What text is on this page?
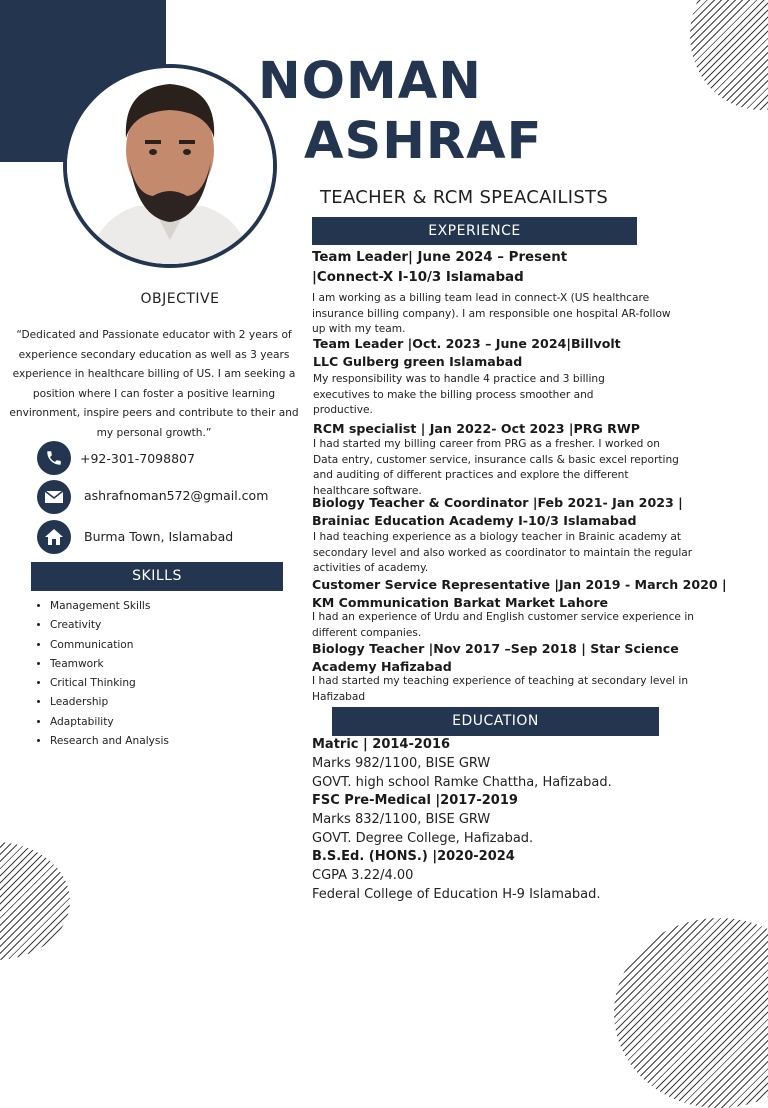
NOMAN
ASHRAF
TEACHER & RCM SPEACAILISTS
OBJECTIVE
“Dedicated and Passionate educator with 2 years of experience secondary education as well as 3 years experience in healthcare billing of US. I am seeking a position where I can foster a positive learning environment, inspire peers and contribute to their and my personal growth.”
+92-301-7098807
ashrafnoman572@gmail.com
Burma Town, Islamabad
SKILLS
• Management Skills
• Creativity
• Communication
• Teamwork
• Critical Thinking
• Leadership
• Adaptability
• Research and Analysis
EXPERIENCE
Team Leader| June 2024 – Present |Connect-X I-10/3 Islamabad
I am working as a billing team lead in connect-X (US healthcare insurance billing company). I am responsible one hospital AR-follow up with my team.
Team Leader |Oct. 2023 – June 2024|Billvolt LLC Gulberg green Islamabad
My responsibility was to handle 4 practice and 3 billing executives to make the billing process smoother and productive.
RCM specialist | Jan 2022- Oct 2023 |PRG RWP
I had started my billing career from PRG as a fresher. I worked on Data entry, customer service, insurance calls & basic excel reporting and auditing of different practices and explore the different healthcare software.
Biology Teacher & Coordinator |Feb 2021- Jan 2023 | Brainiac Education Academy I-10/3 Islamabad
I had teaching experience as a biology teacher in Brainic academy at secondary level and also worked as coordinator to maintain the regular activities of academy.
Customer Service Representative |Jan 2019 - March 2020 | KM Communication Barkat Market Lahore
I had an experience of Urdu and English customer service experience in different companies.
Biology Teacher |Nov 2017 –Sep 2018 | Star Science Academy Hafizabad
I had started my teaching experience of teaching at secondary level in Hafizabad
EDUCATION
Matric | 2014-2016
Marks 982/1100, BISE GRW
GOVT. high school Ramke Chattha, Hafizabad.
FSC Pre-Medical |2017-2019
Marks 832/1100, BISE GRW
GOVT. Degree College, Hafizabad.
B.S.Ed. (HONS.) |2020-2024
CGPA 3.22/4.00
Federal College of Education H-9 Islamabad.
